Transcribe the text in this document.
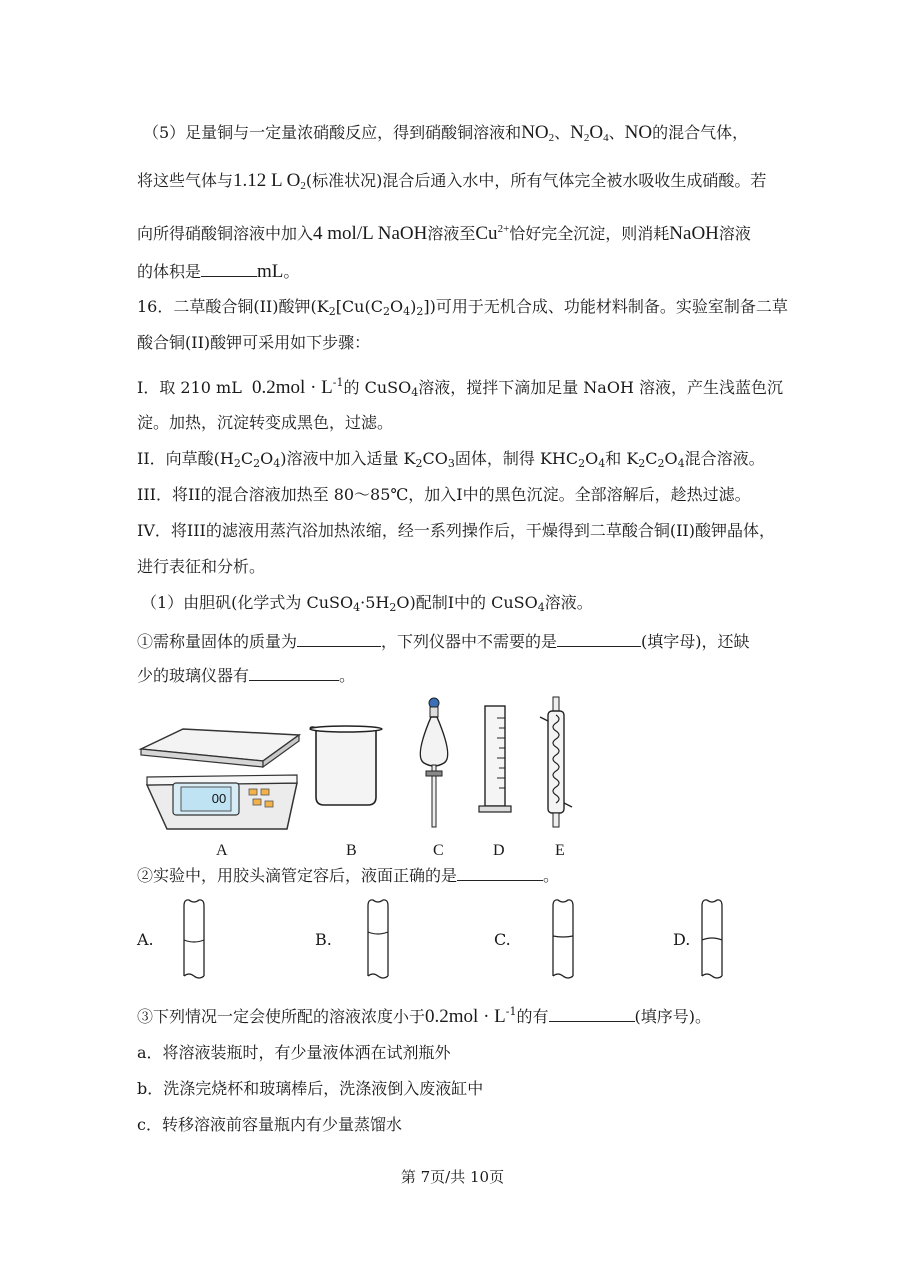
（5）足量铜与一定量浓硝酸反应，得到硝酸铜溶液和$NO_2$、$N_2O_4$、NO的混合气体，
将这些气体与1.12 L $O_2$(标准状况)混合后通入水中，所有气体完全被水吸收生成硝酸。若
向所得硝酸铜溶液中加入4 mol/L NaOH溶液至$Cu^{2+}$恰好完全沉淀，则消耗NaOH溶液
的体积是	mL。
16．二草酸合铜(II)酸钾$(K_2[Cu(C_2O_4)_2])$可用于无机合成、功能材料制备。实验室制备二草
酸合铜(II)酸钾可采用如下步骤：
I．取 210 mL $0.2mol \cdot L^{-1}$的 CuSO$_4$溶液，搅拌下滴加足量 NaOH 溶液，产生浅蓝色沉
淀。加热，沉淀转变成黑色，过滤。
II．向草酸$(H_2C_2O_4)$溶液中加入适量 $K_2CO_3$固体，制得 $KHC_2O_4$和 $K_2C_2O_4$混合溶液。
III．将II的混合溶液加热至 80～85℃，加入I中的黑色沉淀。全部溶解后，趁热过滤。
IV．将III的滤液用蒸汽浴加热浓缩，经一系列操作后，干燥得到二草酸合铜(II)酸钾晶体，
进行表征和分析。
（1）由胆矾(化学式为 $CuSO_4\cdot 5H_2O$)配制I中的 CuSO$_4$溶液。
①需称量固体的质量为	，下列仪器中不需要的是	(填字母)，还缺
少的玻璃仪器有	。
00
A	B	C	D	E
②实验中，用胶头滴管定容后，液面正确的是	。
A.	B.	C.	D.
③下列情况一定会使所配的溶液浓度小于$0.2mol \cdot L^{-1}$的有	(填序号)。
a．将溶液装瓶时，有少量液体洒在试剂瓶外
b．洗涤完烧杯和玻璃棒后，洗涤液倒入废液缸中
c．转移溶液前容量瓶内有少量蒸馏水
第 7页/共 10页
